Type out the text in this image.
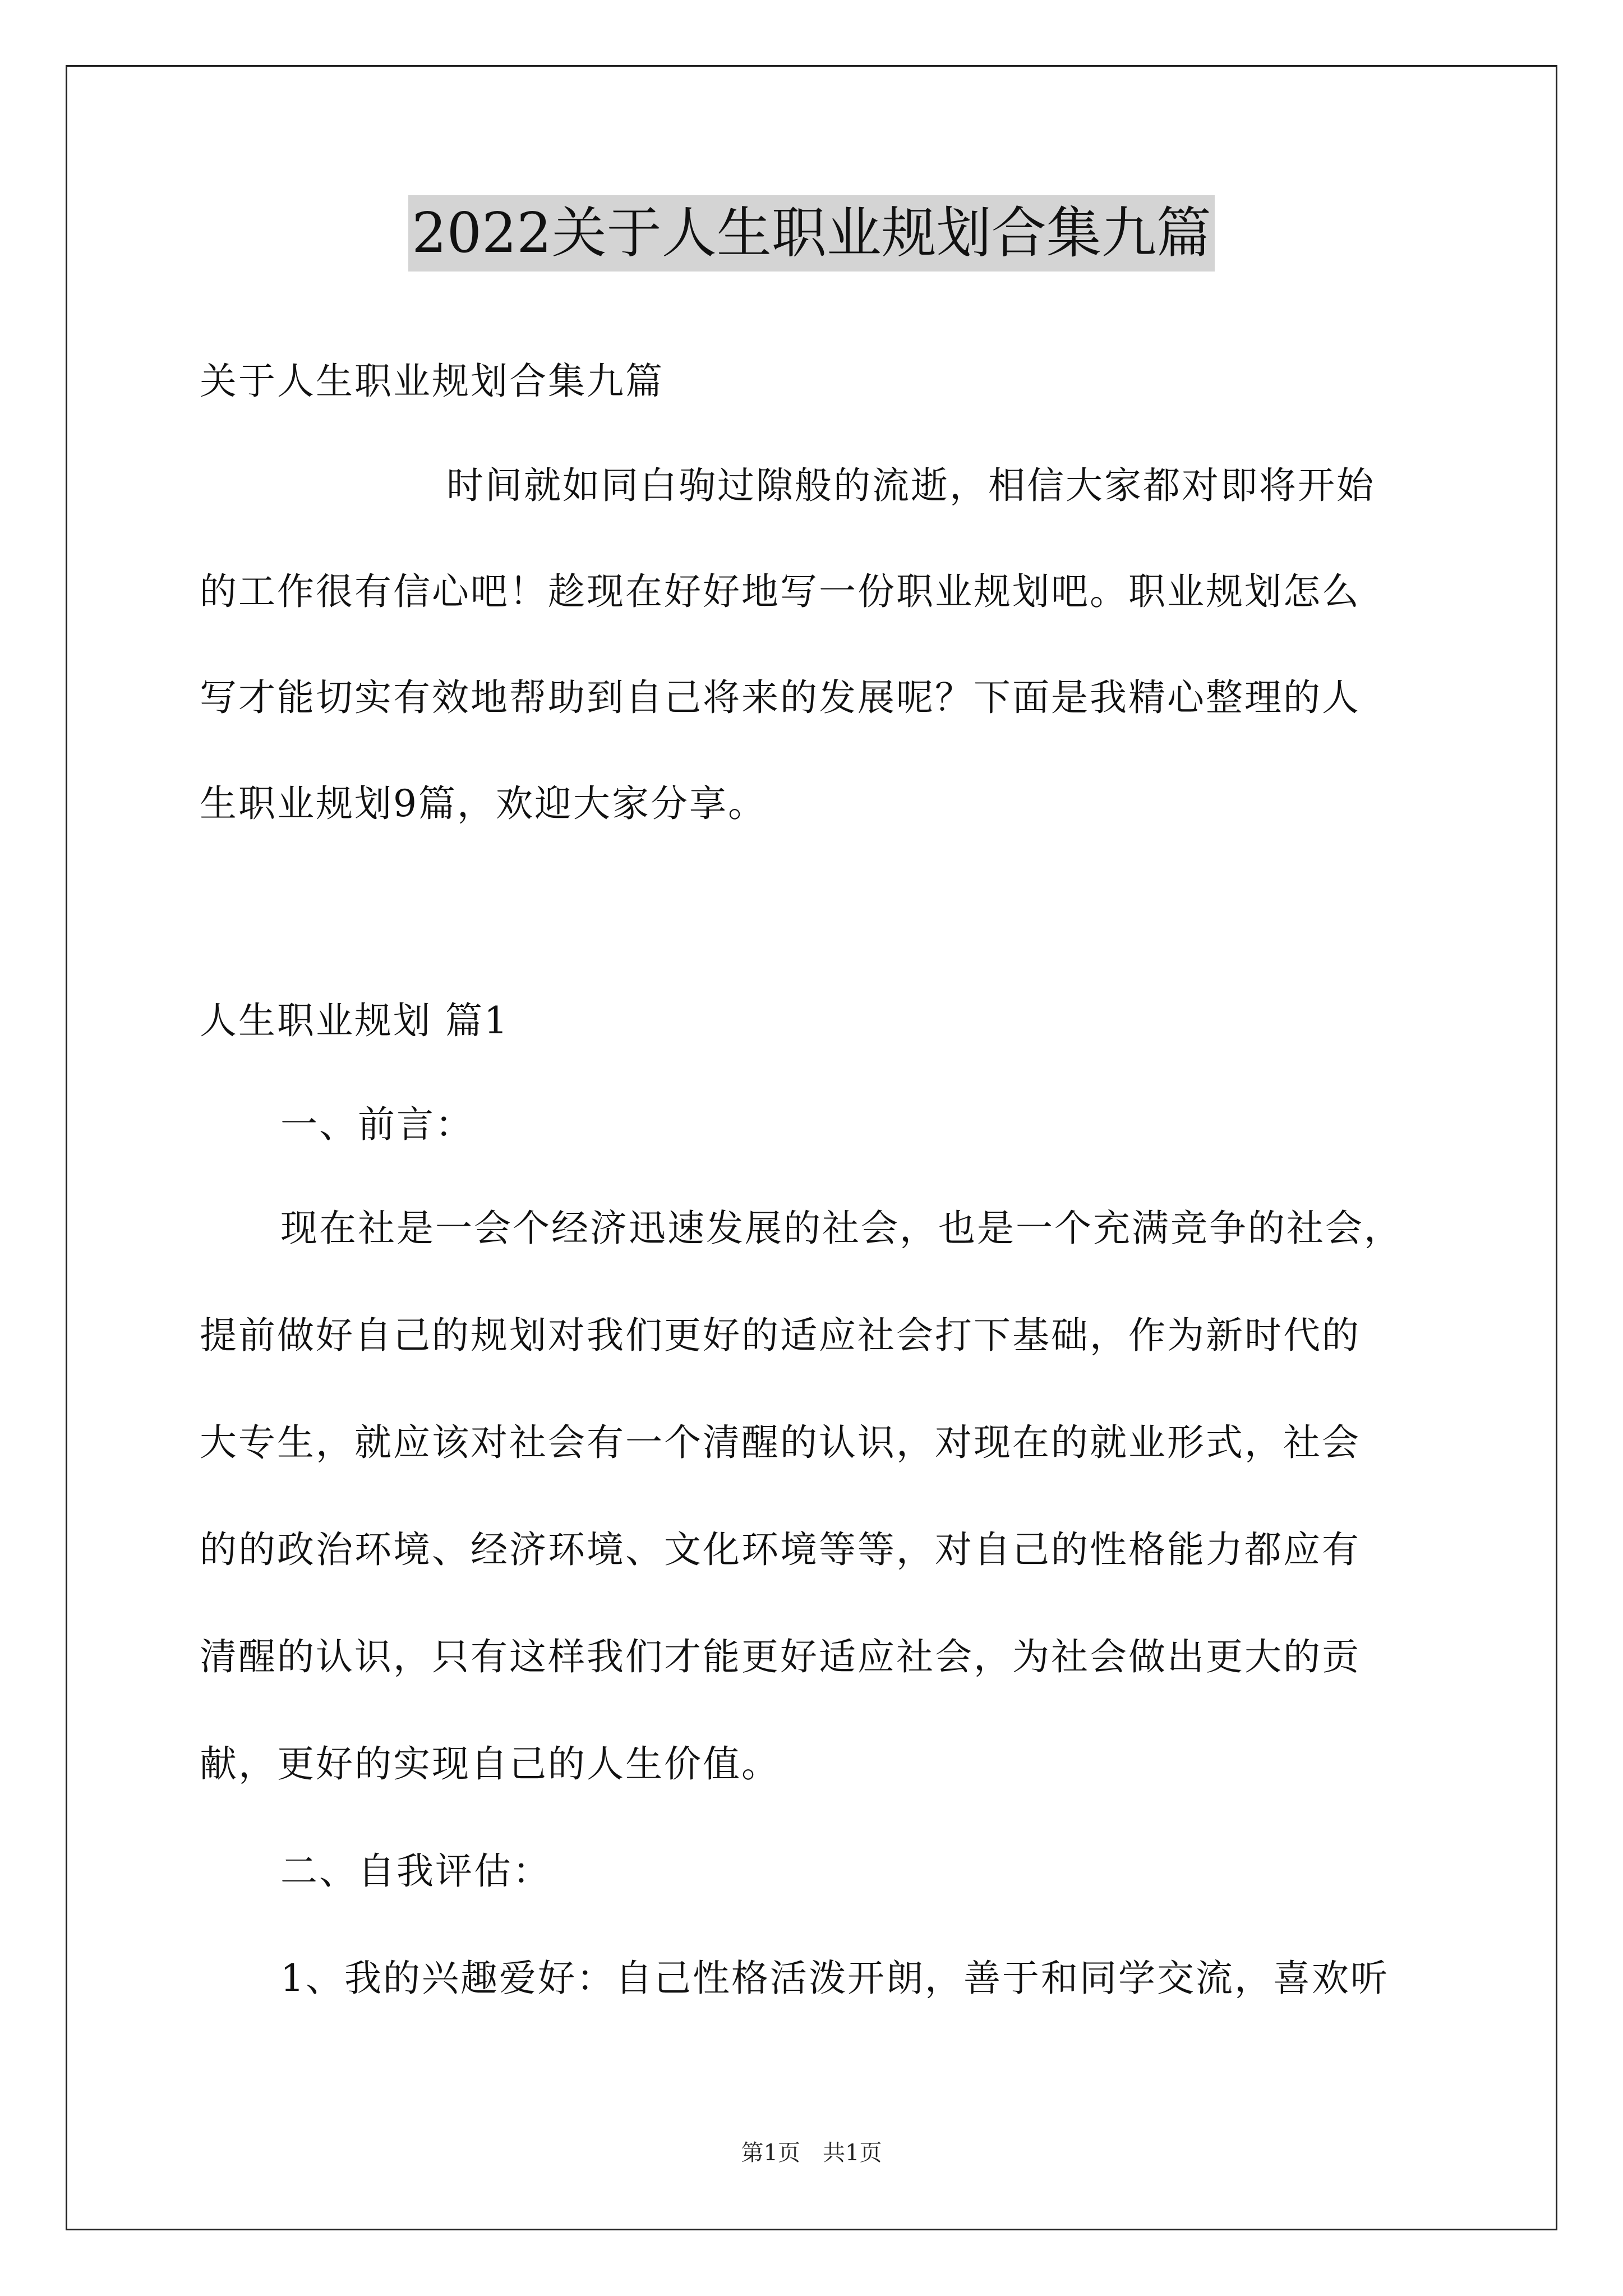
2022关于人生职业规划合集九篇
关于人生职业规划合集九篇
时间就如同白驹过隙般的流逝，相信大家都对即将开始
的工作很有信心吧！趁现在好好地写一份职业规划吧。职业规划怎么
写才能切实有效地帮助到自己将来的发展呢？下面是我精心整理的人
生职业规划9篇，欢迎大家分享。
人生职业规划 篇1
一、前言：
现在社是一会个经济迅速发展的社会，也是一个充满竞争的社会，
提前做好自己的规划对我们更好的适应社会打下基础，作为新时代的
大专生，就应该对社会有一个清醒的认识，对现在的就业形式，社会
的的政治环境、经济环境、文化环境等等，对自己的性格能力都应有
清醒的认识，只有这样我们才能更好适应社会，为社会做出更大的贡
献，更好的实现自己的人生价值。
二、自我评估：
1、我的兴趣爱好：自己性格活泼开朗，善于和同学交流，喜欢听
第1页　共1页
